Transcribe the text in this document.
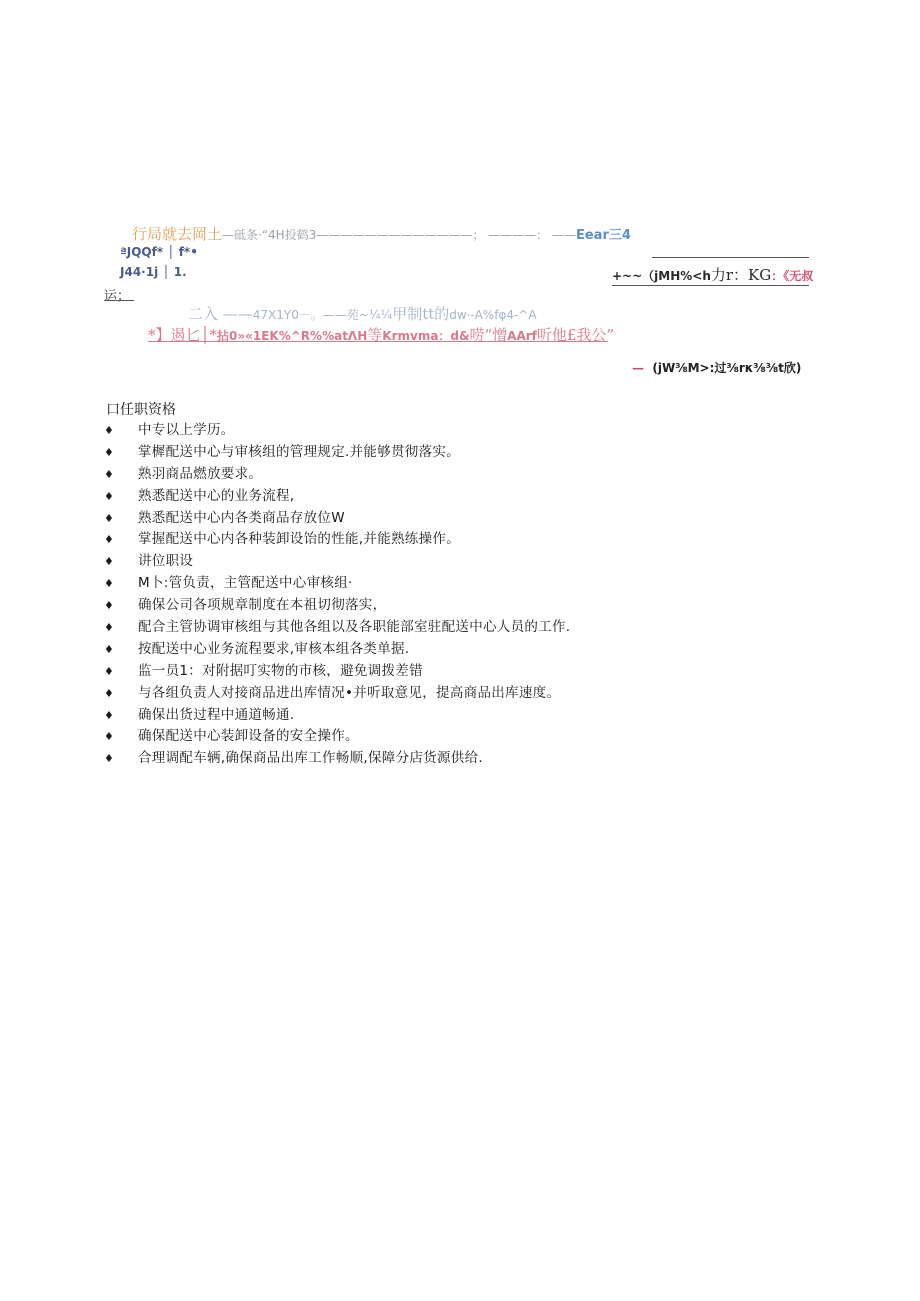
行局就去岡土—砥条·“4H投鹤3—————————————； ————： ——Eear三4
ªJQQf* │ f*•
J44·1j │ 1.	+~~（jMH%<h力r：KG：《无叔
运；
二入 ——47X1Y0－。——苑~¼¼甲制tt的dw·-A%fφ4-^A
*】遏匕│*拈0»«1EK%^R%%atΛH等Krmvma：d&唠“憎AArf听他£我公”
— (jW⅜M>:过⅜rκ⅜⅜t欣)
口任职资格
♦	中专以上学历。
♦	掌樨配送中心与审核组的管理规定.并能够贯彻落实。
♦	熟羽商品燃放要求。
♦	熟悉配送中心的业务流程,
♦	熟悉配送中心内各类商品存放位W
♦	掌握配送中心内各种装卸设饴的性能,并能熟练操作。
♦	讲位职设
♦	M卜:管负责，主管配送中心审核组·
♦	确保公司各项规章制度在本祖切彻落实，
♦	配合主管协调审核组与其他各组以及各职能部室驻配送中心人员的工作.
♦	按配送中心业务流程要求,审核本组各类单据.
♦	监一员1：对附据叮实物的市核，避免调拨差错
♦	与各组负责人对接商品进出库情况•并听取意见，提高商品出库速度。
♦	确保出货过程中通道畅通.
♦	确保配送中心装卸设备的安全操作。
♦	合理调配车辆,确保商品出库工作畅顺,保障分店货源供给.
